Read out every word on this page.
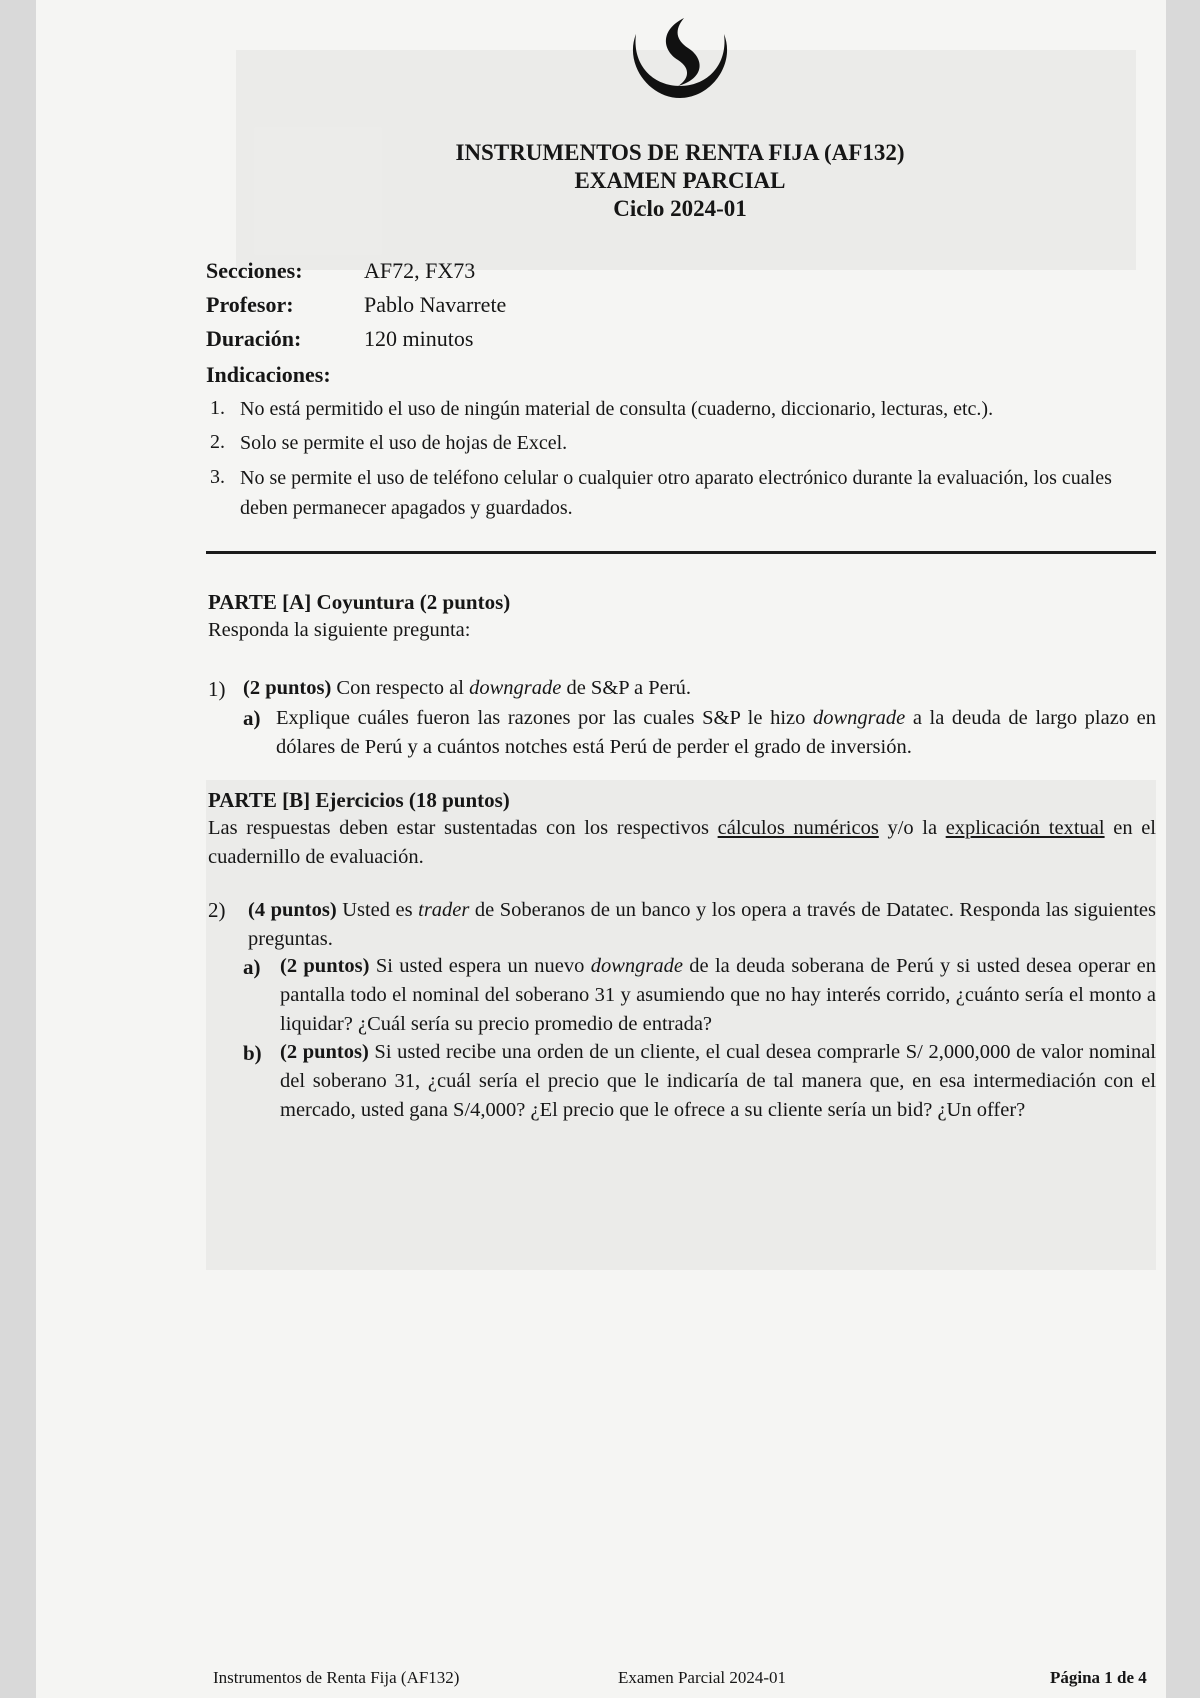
INSTRUMENTOS DE RENTA FIJA (AF132)
EXAMEN PARCIAL
Ciclo 2024-01
Secciones:	AF72, FX73
Profesor:	Pablo Navarrete
Duración:	120 minutos
Indicaciones:
1. No está permitido el uso de ningún material de consulta (cuaderno, diccionario, lecturas, etc.).
2. Solo se permite el uso de hojas de Excel.
3. No se permite el uso de teléfono celular o cualquier otro aparato electrónico durante la evaluación, los cuales deben permanecer apagados y guardados.
PARTE [A] Coyuntura (2 puntos)
Responda la siguiente pregunta:
1) (2 puntos) Con respecto al downgrade de S&P a Perú.
a) Explique cuáles fueron las razones por las cuales S&P le hizo downgrade a la deuda de largo plazo en dólares de Perú y a cuántos notches está Perú de perder el grado de inversión.
PARTE [B] Ejercicios (18 puntos)
Las respuestas deben estar sustentadas con los respectivos cálculos numéricos y/o la explicación textual en el cuadernillo de evaluación.
2) (4 puntos) Usted es trader de Soberanos de un banco y los opera a través de Datatec. Responda las siguientes preguntas.
a) (2 puntos) Si usted espera un nuevo downgrade de la deuda soberana de Perú y si usted desea operar en pantalla todo el nominal del soberano 31 y asumiendo que no hay interés corrido, ¿cuánto sería el monto a liquidar? ¿Cuál sería su precio promedio de entrada?
b) (2 puntos) Si usted recibe una orden de un cliente, el cual desea comprarle S/ 2,000,000 de valor nominal del soberano 31, ¿cuál sería el precio que le indicaría de tal manera que, en esa intermediación con el mercado, usted gana S/4,000? ¿El precio que le ofrece a su cliente sería un bid? ¿Un offer?
Instrumentos de Renta Fija (AF132)	Examen Parcial 2024-01	Página 1 de 4
